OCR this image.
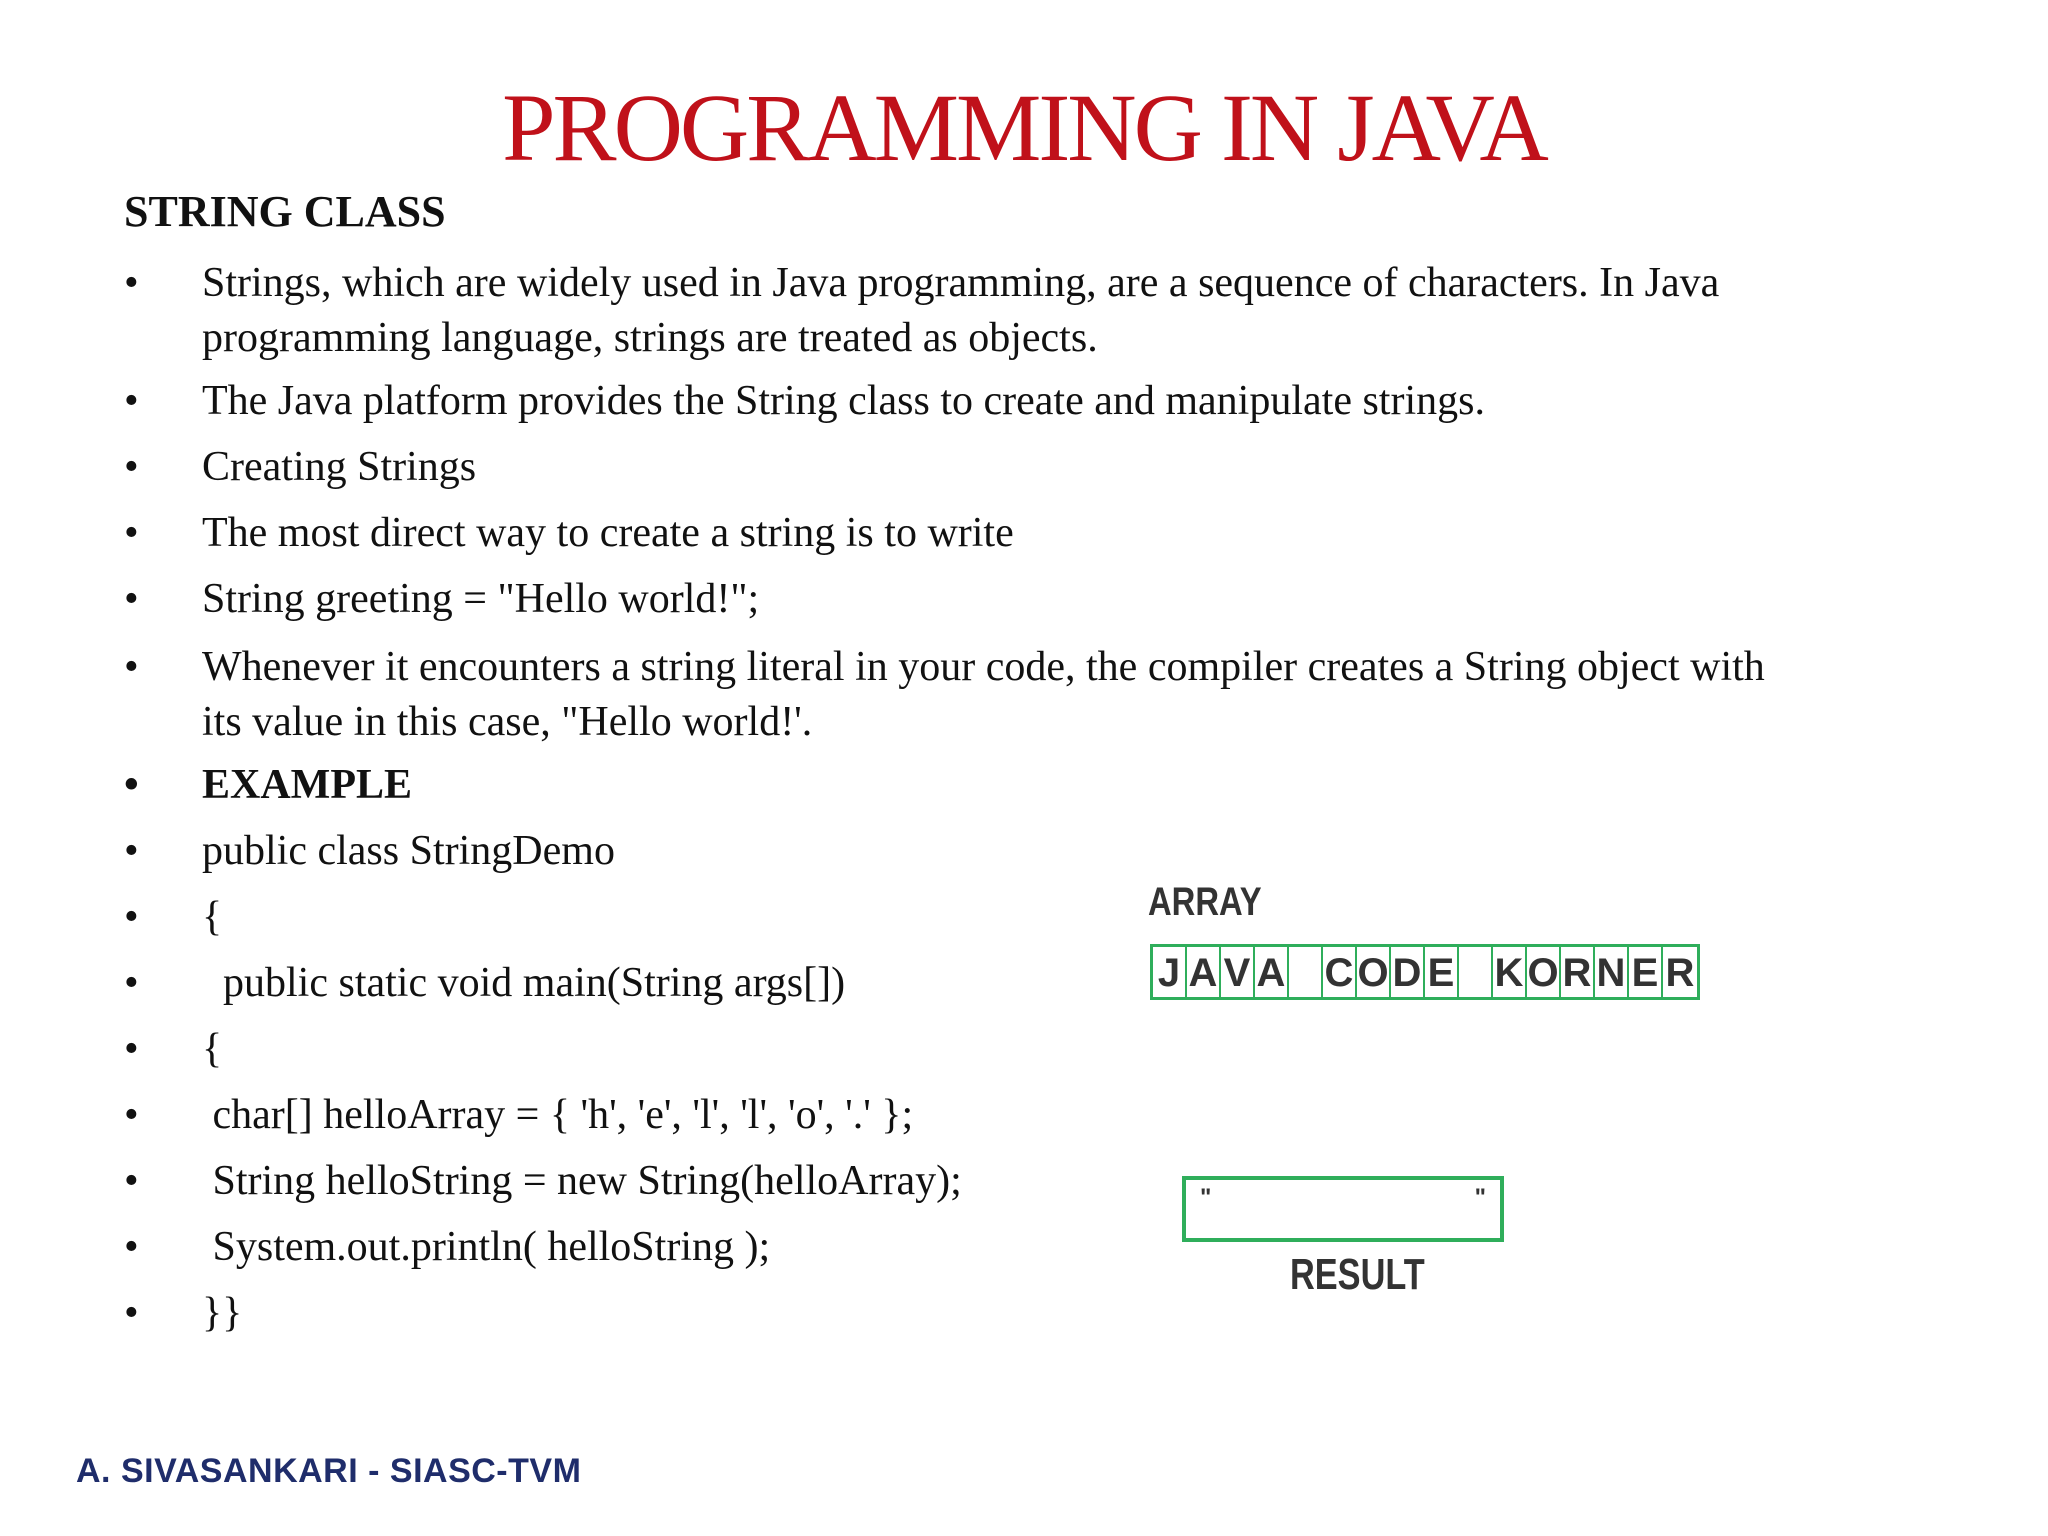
PROGRAMMING IN JAVA
STRING CLASS
•	Strings, which are widely used in Java programming, are a sequence of characters. In Java
programming language, strings are treated as objects.
•	The Java platform provides the String class to create and manipulate strings.
•	Creating Strings
•	The most direct way to create a string is to write
•	String greeting = "Hello world!";
•	Whenever it encounters a string literal in your code, the compiler creates a String object with
its value in this case, "Hello world!'.
•	EXAMPLE
•	public class StringDemo
•	{
•	public static void main(String args[])
•	{
•	char[] helloArray = { 'h', 'e', 'l', 'l', 'o', '.' };
•	String helloString = new String(helloArray);
•	System.out.println( helloString );
•	}}
ARRAY
J A V A C O D E K O R N E R
"	"
RESULT
A. SIVASANKARI - SIASC-TVM
